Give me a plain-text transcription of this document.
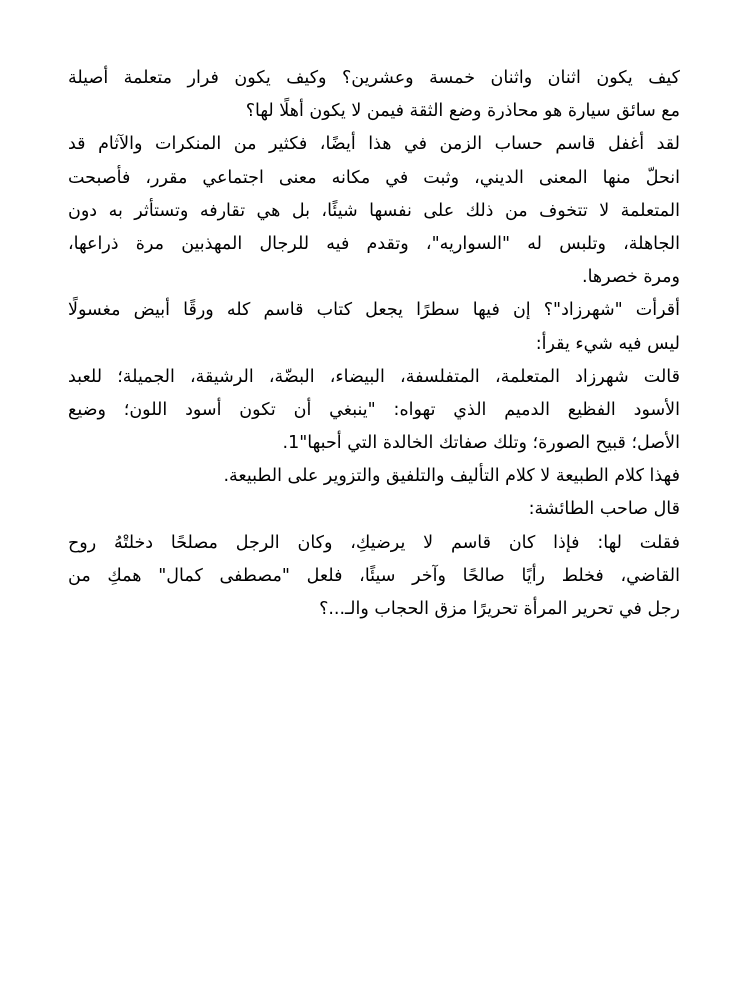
كيف يكون اثنان واثنان خمسة وعشرين؟ وكيف يكون فرار متعلمة أصيلة
مع سائق سيارة هو محاذرة وضع الثقة فيمن لا يكون أهلًا لها؟
لقد أغفل قاسم حساب الزمن في هذا أيضًا، فكثير من المنكرات والآثام قد
انحلّ منها المعنى الديني، وثبت في مكانه معنى اجتماعي مقرر، فأصبحت
المتعلمة لا تتخوف من ذلك على نفسها شيئًا، بل هي تقارفه وتستأثر به دون
الجاهلة، وتلبس له "السواريه"، وتقدم فيه للرجال المهذبين مرة ذراعها،
ومرة خصرها.
أقرأت "شهرزاد"؟ إن فيها سطرًا يجعل كتاب قاسم كله ورقًا أبيض مغسولًا
ليس فيه شيء يقرأ:
قالت شهرزاد المتعلمة، المتفلسفة، البيضاء، البضّة، الرشيقة، الجميلة؛ للعبد
الأسود الفظيع الدميم الذي تهواه: "ينبغي أن تكون أسود اللون؛ وضيع
الأصل؛ قبيح الصورة؛ وتلك صفاتك الخالدة التي أحبها"1.
فهذا كلام الطبيعة لا كلام التأليف والتلفيق والتزوير على الطبيعة.
قال صاحب الطائشة:
فقلت لها: فإذا كان قاسم لا يرضيكِ، وكان الرجل مصلحًا دخلتْهُ روح
القاضي، فخلط رأيًا صالحًا وآخر سيئًا، فلعل "مصطفى كمال" همكِ من
رجل في تحرير المرأة تحريرًا مزق الحجاب والـ...؟
